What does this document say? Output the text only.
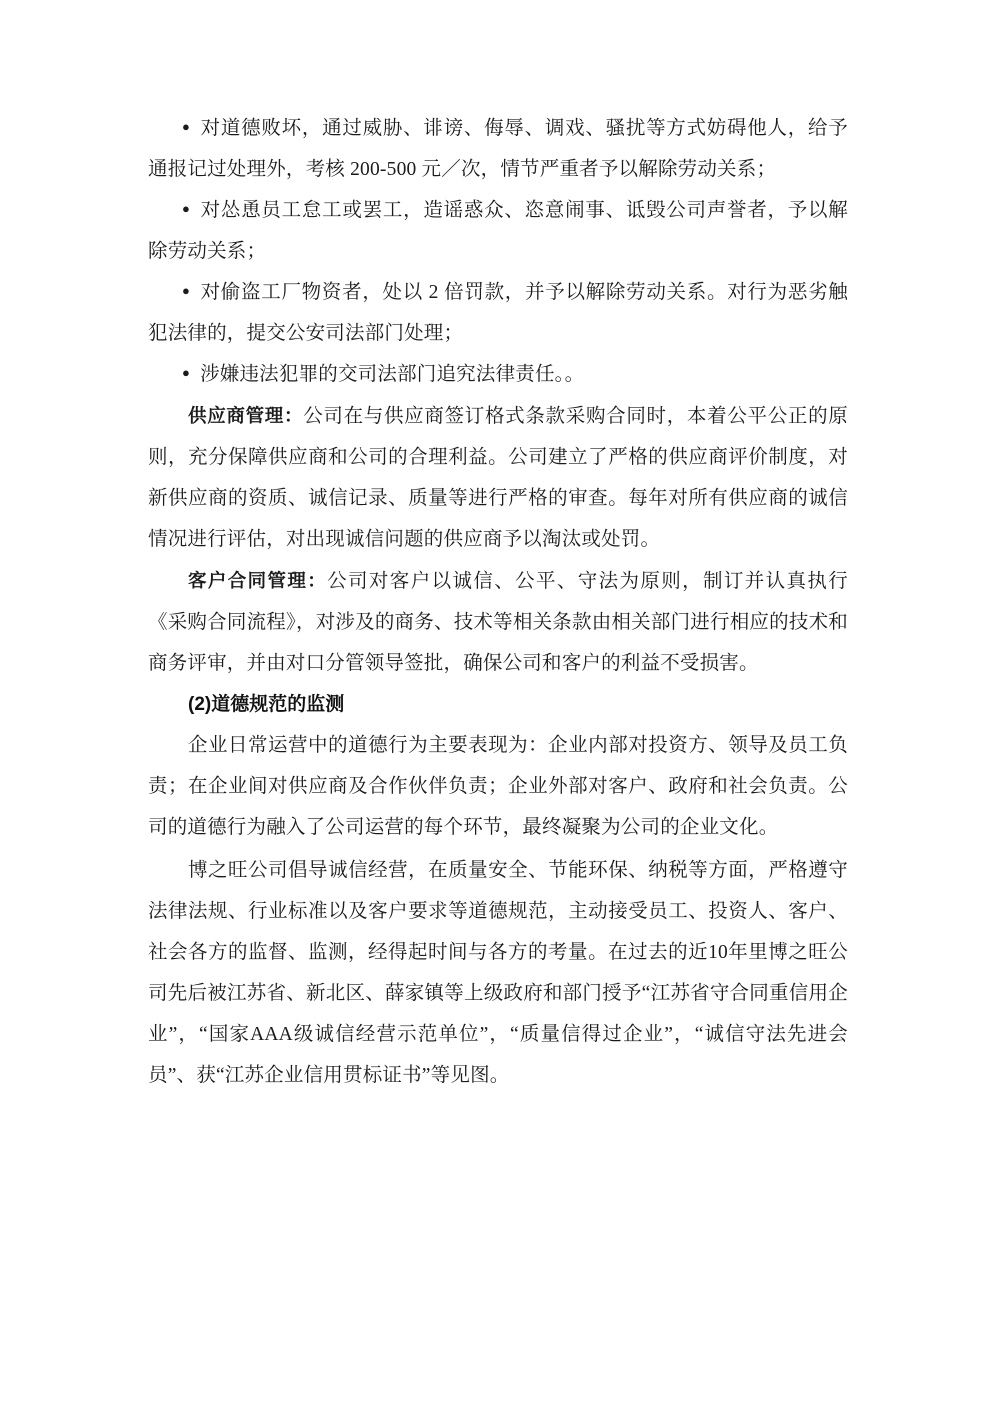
● 对道德败坏，通过威胁、诽谤、侮辱、调戏、骚扰等方式妨碍他人，给予通报记过处理外，考核 200-500 元／次，情节严重者予以解除劳动关系；

● 对怂恿员工怠工或罢工，造谣惑众、恣意闹事、诋毁公司声誉者，予以解除劳动关系；

● 对偷盗工厂物资者，处以 2 倍罚款，并予以解除劳动关系。对行为恶劣触犯法律的，提交公安司法部门处理；

● 涉嫌违法犯罪的交司法部门追究法律责任。。

供应商管理：公司在与供应商签订格式条款采购合同时，本着公平公正的原则，充分保障供应商和公司的合理利益。公司建立了严格的供应商评价制度，对新供应商的资质、诚信记录、质量等进行严格的审查。每年对所有供应商的诚信情况进行评估，对出现诚信问题的供应商予以淘汰或处罚。

客户合同管理：公司对客户以诚信、公平、守法为原则，制订并认真执行《采购合同流程》，对涉及的商务、技术等相关条款由相关部门进行相应的技术和商务评审，并由对口分管领导签批，确保公司和客户的利益不受损害。

(2)道德规范的监测

企业日常运营中的道德行为主要表现为：企业内部对投资方、领导及员工负责；在企业间对供应商及合作伙伴负责；企业外部对客户、政府和社会负责。公司的道德行为融入了公司运营的每个环节，最终凝聚为公司的企业文化。

博之旺公司倡导诚信经营，在质量安全、节能环保、纳税等方面，严格遵守法律法规、行业标准以及客户要求等道德规范，主动接受员工、投资人、客户、社会各方的监督、监测，经得起时间与各方的考量。在过去的近10年里博之旺公司先后被江苏省、新北区、薛家镇等上级政府和部门授予“江苏省守合同重信用企业”，“国家AAA级诚信经营示范单位”，“质量信得过企业”，“诚信守法先进会员”、获“江苏企业信用贯标证书”等见图。
